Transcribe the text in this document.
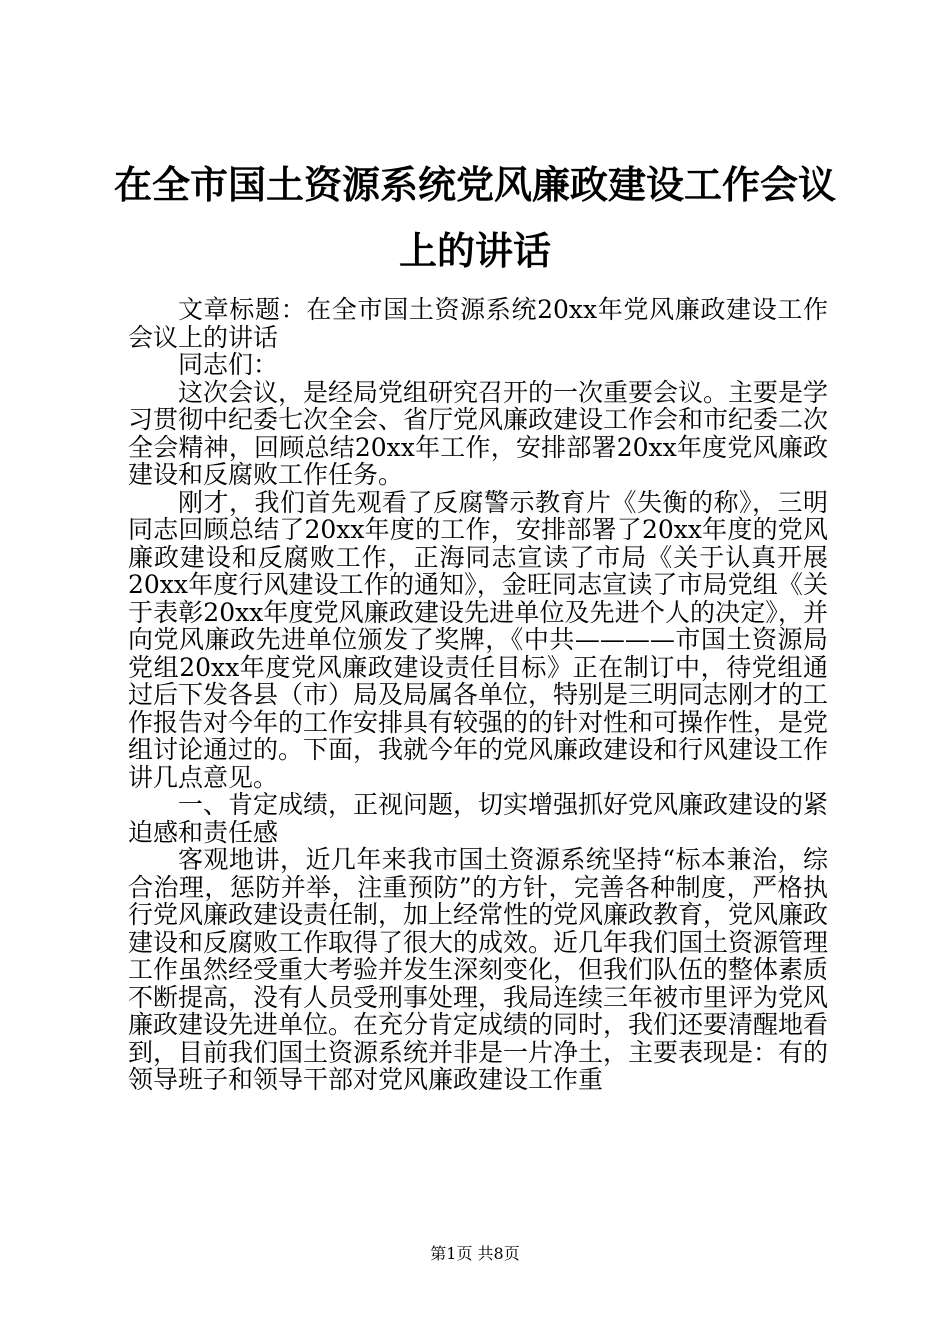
在全市国土资源系统党风廉政建设工作会议上的讲话

文章标题：在全市国土资源系统20xx年党风廉政建设工作会议上的讲话

同志们：

这次会议，是经局党组研究召开的一次重要会议。主要是学习贯彻中纪委七次全会、省厅党风廉政建设工作会和市纪委二次全会精神，回顾总结20xx年工作，安排部署20xx年度党风廉政建设和反腐败工作任务。

刚才，我们首先观看了反腐警示教育片《失衡的称》，三明同志回顾总结了20xx年度的工作，安排部署了20xx年度的党风廉政建设和反腐败工作，正海同志宣读了市局《关于认真开展20xx年度行风建设工作的通知》，金旺同志宣读了市局党组《关于表彰20xx年度党风廉政建设先进单位及先进个人的决定》，并向党风廉政先进单位颁发了奖牌，《中共————市国土资源局党组20xx年度党风廉政建设责任目标》正在制订中，待党组通过后下发各县（市）局及局属各单位，特别是三明同志刚才的工作报告对今年的工作安排具有较强的的针对性和可操作性，是党组讨论通过的。下面，我就今年的党风廉政建设和行风建设工作讲几点意见。

一、肯定成绩，正视问题，切实增强抓好党风廉政建设的紧迫感和责任感

客观地讲，近几年来我市国土资源系统坚持“标本兼治，综合治理，惩防并举，注重预防”的方针，完善各种制度，严格执行党风廉政建设责任制，加上经常性的党风廉政教育，党风廉政建设和反腐败工作取得了很大的成效。近几年我们国土资源管理工作虽然经受重大考验并发生深刻变化，但我们队伍的整体素质不断提高，没有人员受刑事处理，我局连续三年被市里评为党风廉政建设先进单位。在充分肯定成绩的同时，我们还要清醒地看到，目前我们国土资源系统并非是一片净土，主要表现是：有的领导班子和领导干部对党风廉政建设工作重

第1页 共8页
